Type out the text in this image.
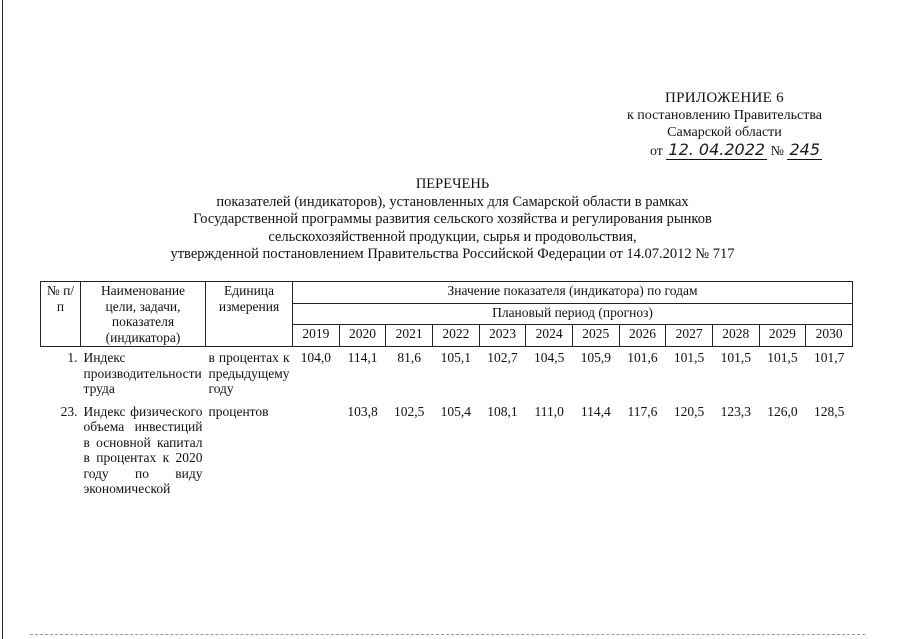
ПРИЛОЖЕНИЕ 6
к постановлению Правительства
Самарской области
от 12. 04.2022 № 245
ПЕРЕЧЕНЬ
показателей (индикаторов), установленных для Самарской области в рамках
Государственной программы развития сельского хозяйства и регулирования рынков
сельскохозяйственной продукции, сырья и продовольствия,
утвержденной постановлением Правительства Российской Федерации от 14.07.2012 № 717
№ п/п	Наименование цели, задачи, показателя (индикатора)	Единица измерения	Значение показателя (индикатора) по годам											
			Плановый период (прогноз)											
			2019	2020	2021	2022	2023	2024	2025	2026	2027	2028	2029	2030
1.	Индекс производительности труда	в процентах к предыдущему году	104,0	114,1	81,6	105,1	102,7	104,5	105,9	101,6	101,5	101,5	101,5	101,7
23.	Индекс физического объема инвестиций в основной капитал в процентах к 2020 году по виду экономической	процентов		103,8	102,5	105,4	108,1	111,0	114,4	117,6	120,5	123,3	126,0	128,5
